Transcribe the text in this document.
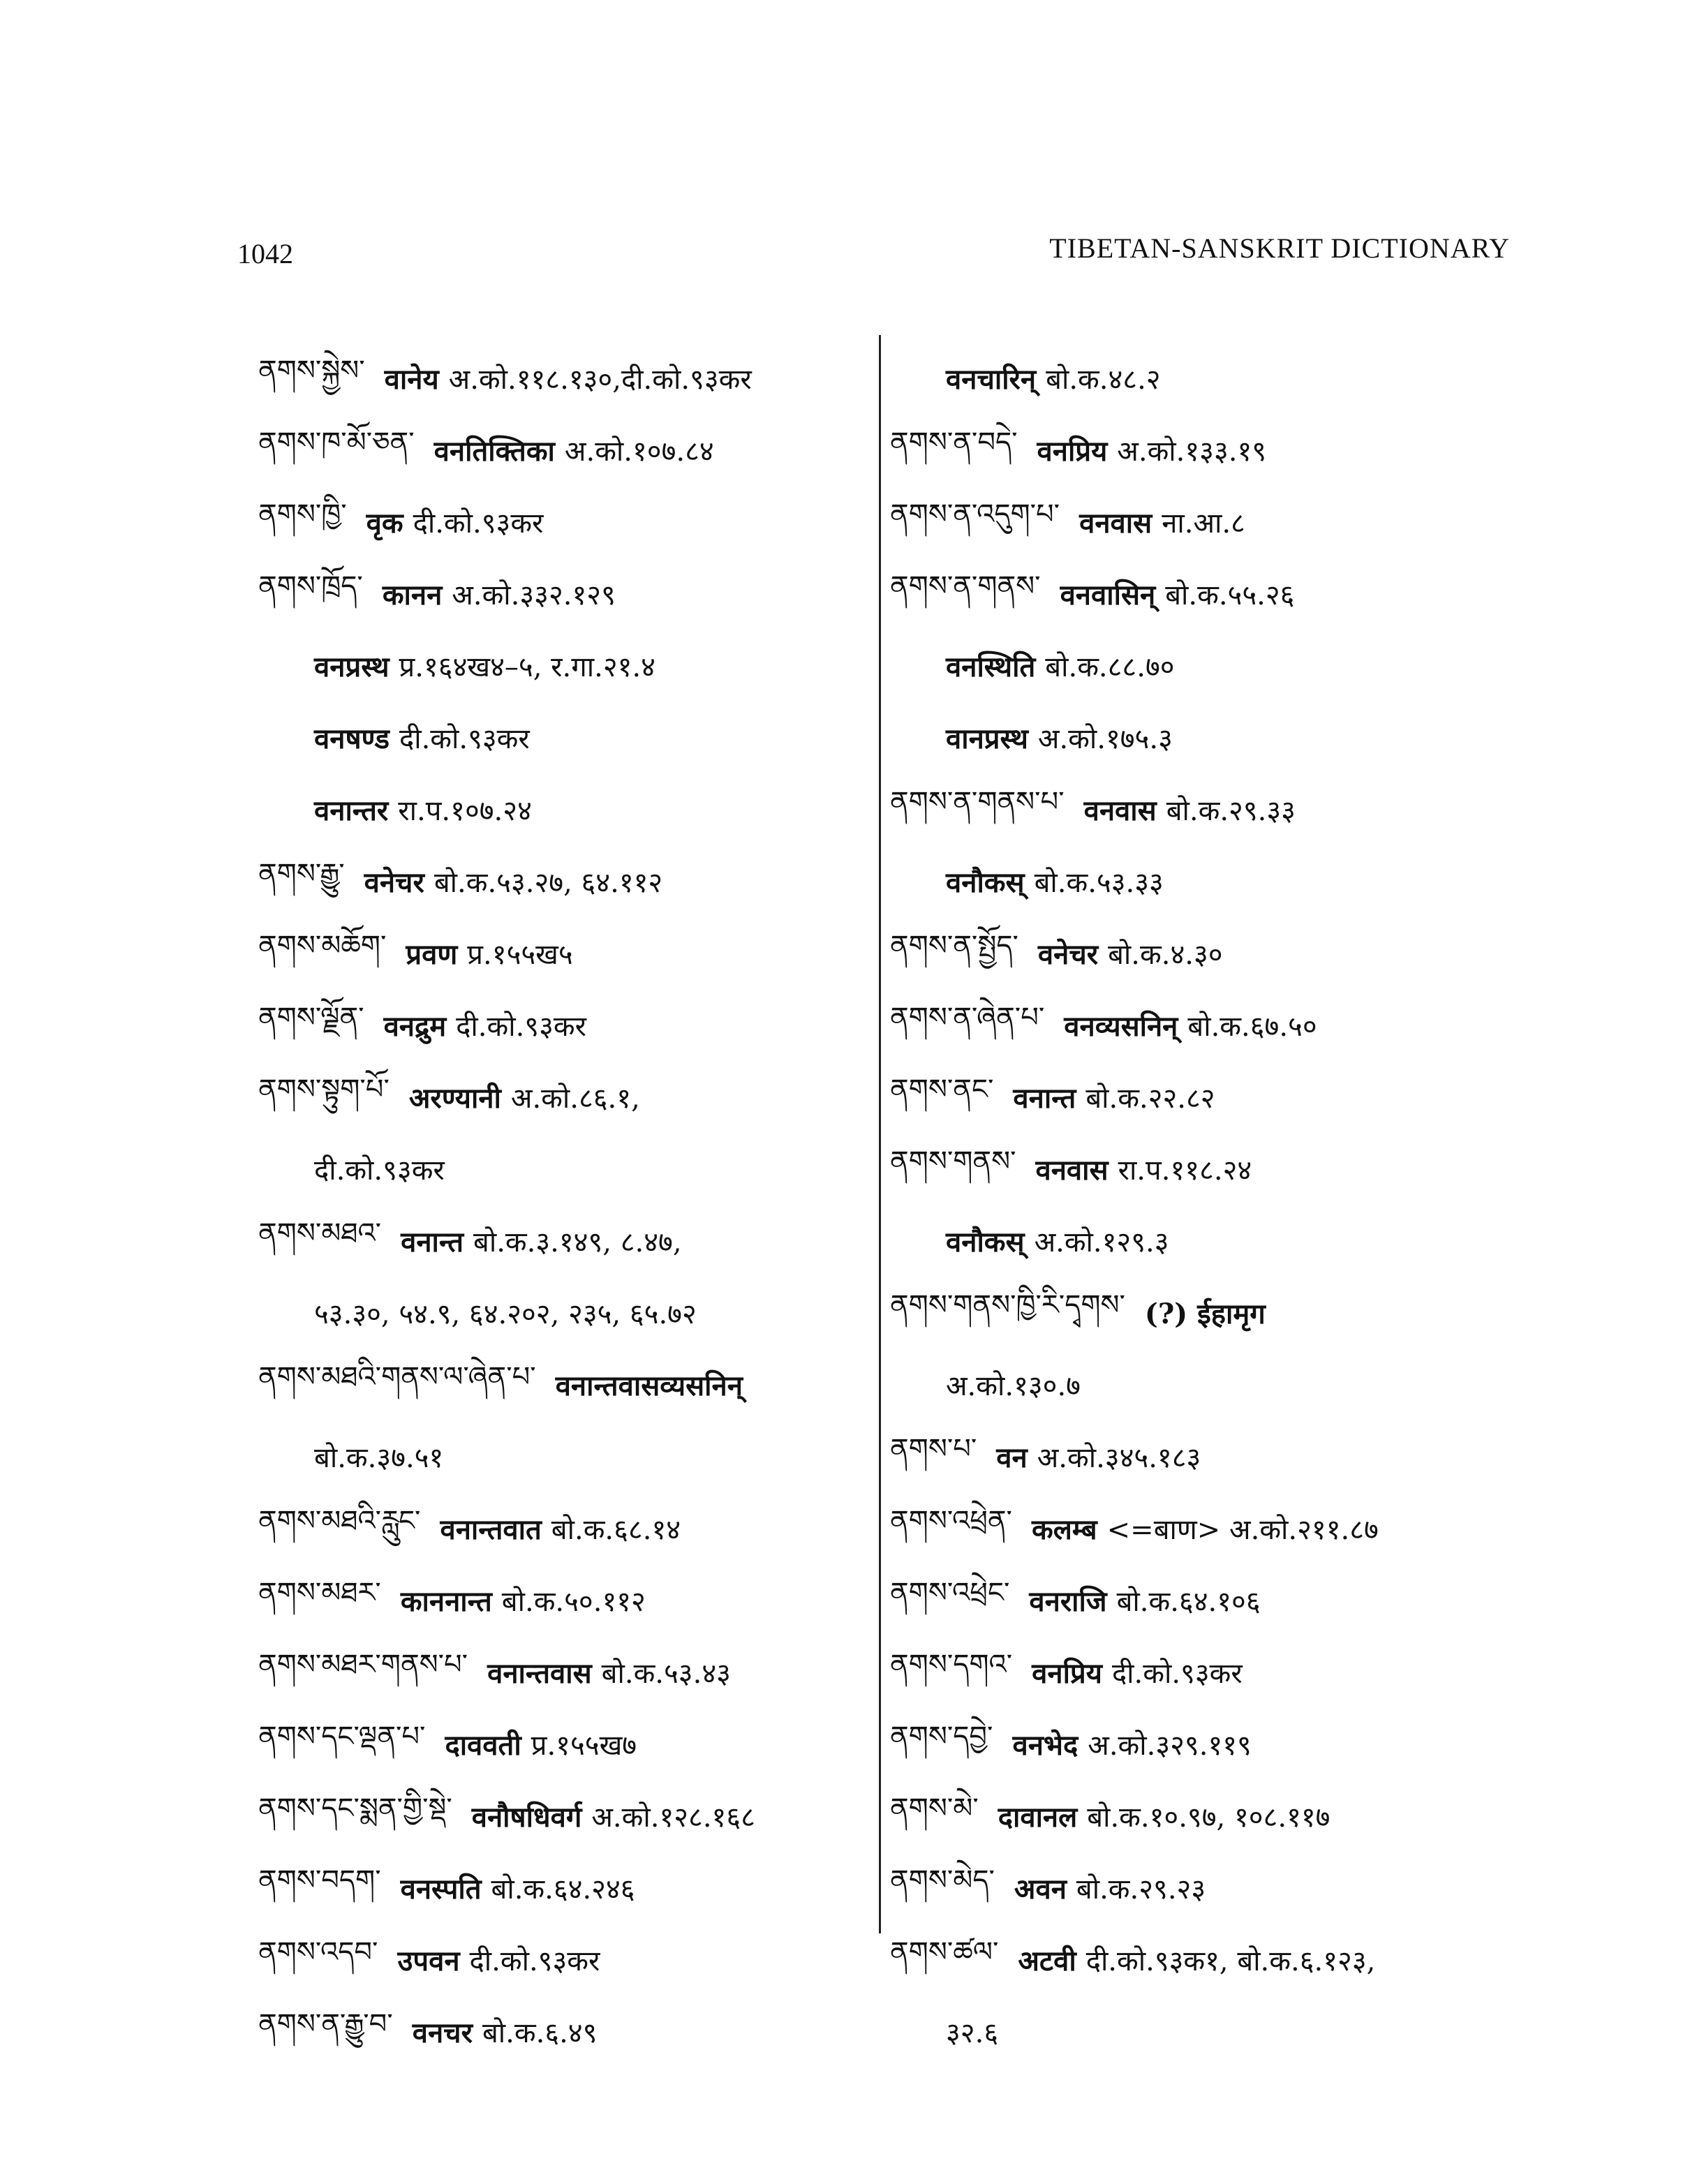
1042	TIBETAN-SANSKRIT DICTIONARY
ནགས་སྐྱེས་ वानेय अ.को.११८.१३०,दी.को.९३कर
ནགས་ཁ་མོ་ཅན་ वनतिक्तिका अ.को.१०७.८४
ནགས་ཁྱི་ वृक दी.को.९३कर
ནགས་ཁྲོད་ कानन अ.को.३३२.१२९
वनप्रस्थ प्र.१६४ख४–५, र.गा.२१.४
वनषण्ड दी.को.९३कर
वनान्तर रा.प.१०७.२४
ནགས་རྒྱུ་ वनेचर बो.क.५३.२७, ६४.११२
ནགས་མཆོག་ प्रवण प्र.१५५ख५
ནགས་ལྗོན་ वनद्रुम दी.को.९३कर
ནགས་སྟུག་པོ་ अरण्यानी अ.को.८६.१,
दी.को.९३कर
ནགས་མཐའ་ वनान्त बो.क.३.१४९, ८.४७,
५३.३०, ५४.९, ६४.२०२, २३५, ६५.७२
ནགས་མཐའི་གནས་ལ་ཞེན་པ་ वनान्तवासव्यसनिन्
बो.क.३७.५१
ནགས་མཐའི་རླུང་ वनान्तवात बो.क.६८.१४
ནགས་མཐར་ काननान्त बो.क.५०.११२
ནགས་མཐར་གནས་པ་ वनान्तवास बो.क.५३.४३
ནགས་དང་ལྡན་པ་ दाववती प्र.१५५ख७
ནགས་དང་སྨན་གྱི་སྡེ་ वनौषधिवर्ग अ.को.१२८.१६८
ནགས་བདག་ वनस्पति बो.क.६४.२४६
ནགས་འདབ་ उपवन दी.को.९३कर
ནགས་ན་རྒྱུ་བ་ वनचर बो.क.६.४९
वनचारिन् बो.क.४८.२
ནགས་ན་བདེ་ वनप्रिय अ.को.१३३.१९
ནགས་ན་འདུག་པ་ वनवास ना.आ.८
ནགས་ན་གནས་ वनवासिन् बो.क.५५.२६
वनस्थिति बो.क.८८.७०
वानप्रस्थ अ.को.१७५.३
ནགས་ན་གནས་པ་ वनवास बो.क.२९.३३
वनौकस् बो.क.५३.३३
ནགས་ན་སྤྱོད་ वनेचर बो.क.४.३०
ནགས་ན་ཞེན་པ་ वनव्यसनिन् बो.क.६७.५०
ནགས་ནང་ वनान्त बो.क.२२.८२
ནགས་གནས་ वनवास रा.प.११८.२४
वनौकस् अ.को.१२९.३
ནགས་གནས་ཁྱི་རི་དྭགས་ (?) ईहामृग
अ.को.१३०.७
ནགས་པ་ वन अ.को.३४५.१८३
ནགས་འཕྲེན་ कलम्ब <=बाण> अ.को.२११.८७
ནགས་འཕྲེང་ वनराजि बो.क.६४.१०६
ནགས་དགའ་ वनप्रिय दी.को.९३कर
ནགས་དབྱེ་ वनभेद अ.को.३२९.११९
ནགས་མེ་ दावानल बो.क.१०.९७, १०८.११७
ནགས་མེད་ अवन बो.क.२९.२३
ནགས་ཚལ་ अटवी दी.को.९३क१, बो.क.६.१२३,
३२.६
